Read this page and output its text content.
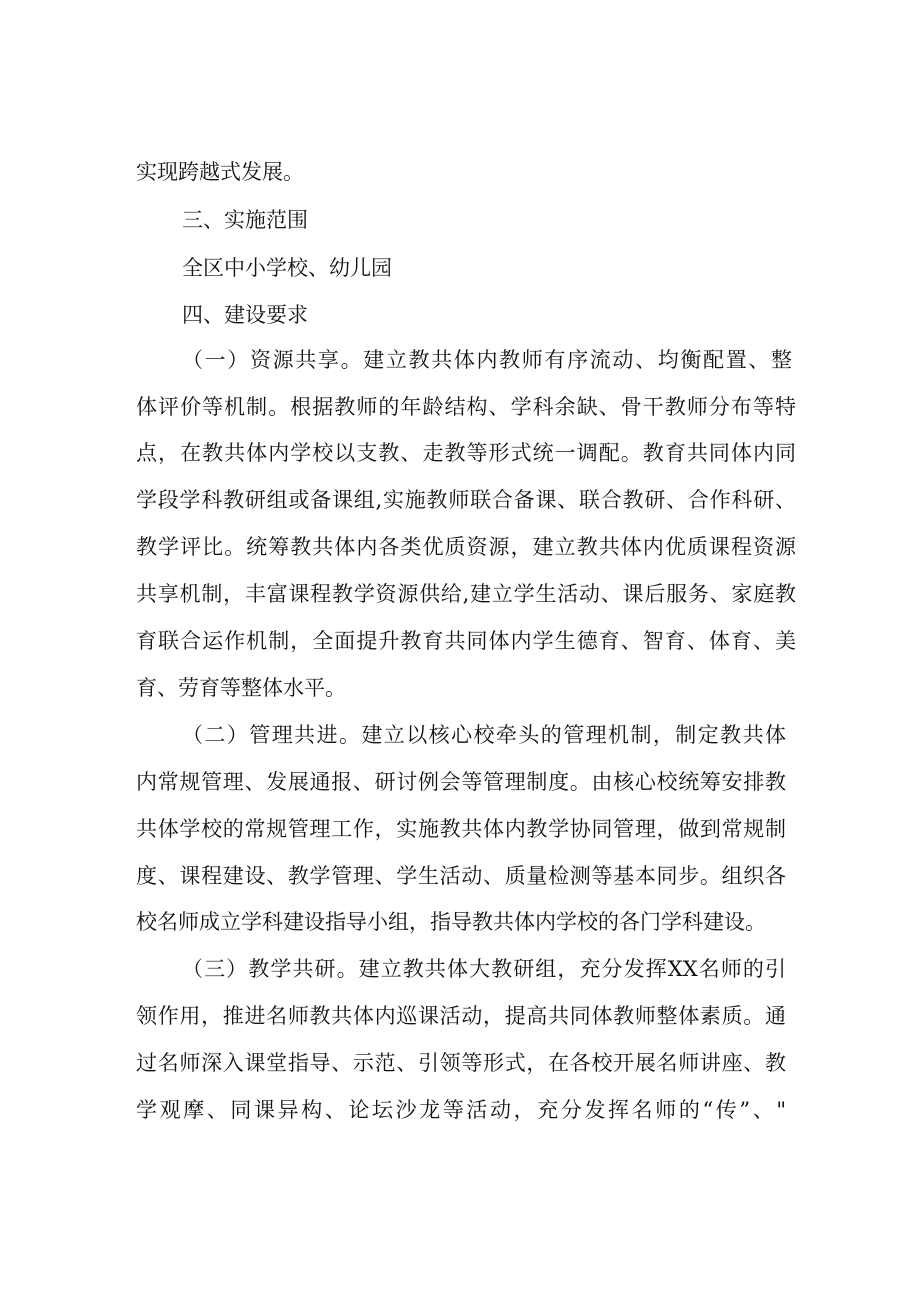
实现跨越式发展。
三、实施范围
全区中小学校、幼儿园
四、建设要求
（一）资源共享。建立教共体内教师有序流动、均衡配置、整
体评价等机制。根据教师的年龄结构、学科余缺、骨干教师分布等特
点，在教共体内学校以支教、走教等形式统一调配。教育共同体内同
学段学科教研组或备课组,实施教师联合备课、联合教研、合作科研、
教学评比。统筹教共体内各类优质资源，建立教共体内优质课程资源
共享机制，丰富课程教学资源供给,建立学生活动、课后服务、家庭教
育联合运作机制，全面提升教育共同体内学生德育、智育、体育、美
育、劳育等整体水平。
（二）管理共进。建立以核心校牵头的管理机制，制定教共体
内常规管理、发展通报、研讨例会等管理制度。由核心校统筹安排教
共体学校的常规管理工作，实施教共体内教学协同管理，做到常规制
度、课程建设、教学管理、学生活动、质量检测等基本同步。组织各
校名师成立学科建设指导小组，指导教共体内学校的各门学科建设。
（三）教学共研。建立教共体大教研组，充分发挥XX名师的引
领作用，推进名师教共体内巡课活动，提高共同体教师整体素质。通
过名师深入课堂指导、示范、引领等形式，在各校开展名师讲座、教
学观摩、同课异构、论坛沙龙等活动，充分发挥名师的“传”、"
